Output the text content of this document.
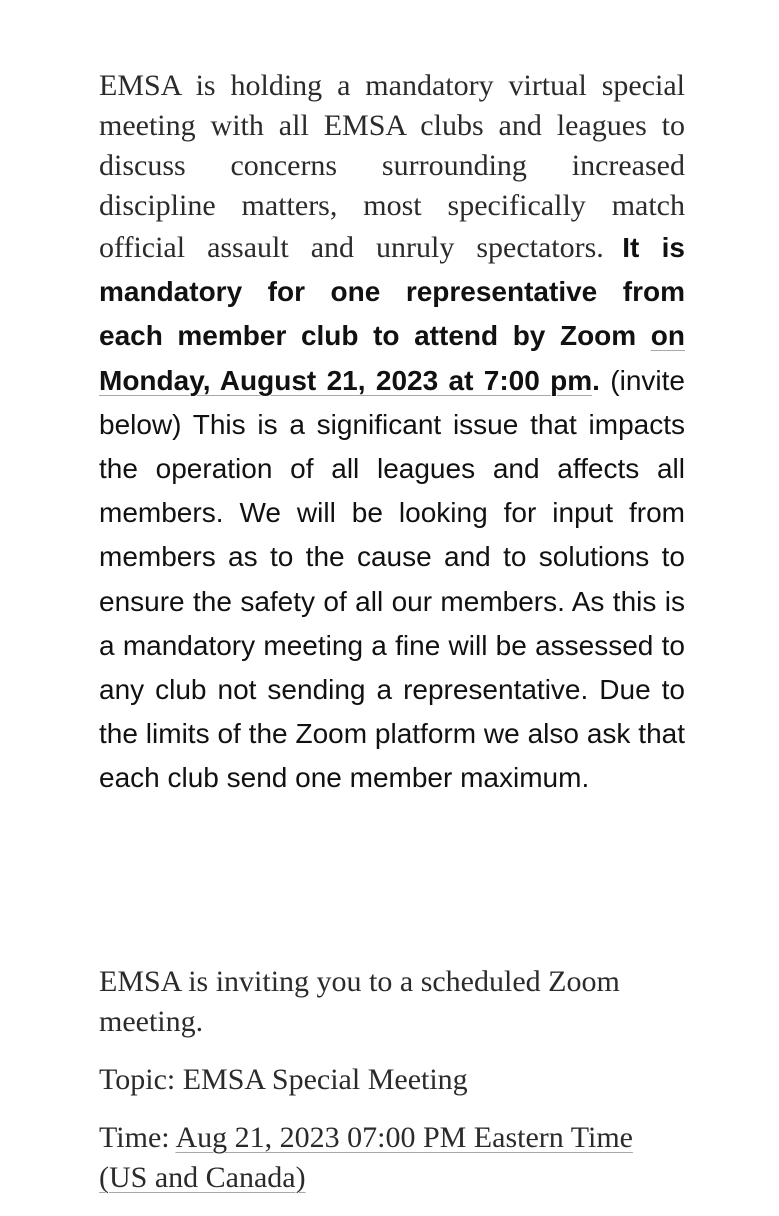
EMSA is holding a mandatory virtual special meeting with all EMSA clubs and leagues to discuss concerns surrounding increased discipline matters, most specifically match official assault and unruly spectators. It is mandatory for one representative from each member club to attend by Zoom on Monday, August 21, 2023 at 7:00 pm. (invite below) This is a significant issue that impacts the operation of all leagues and affects all members. We will be looking for input from members as to the cause and to solutions to ensure the safety of all our members. As this is a mandatory meeting a fine will be assessed to any club not sending a representative. Due to the limits of the Zoom platform we also ask that each club send one member maximum.

EMSA is inviting you to a scheduled Zoom meeting.

Topic: EMSA Special Meeting

Time: Aug 21, 2023 07:00 PM Eastern Time
(US and Canada)
